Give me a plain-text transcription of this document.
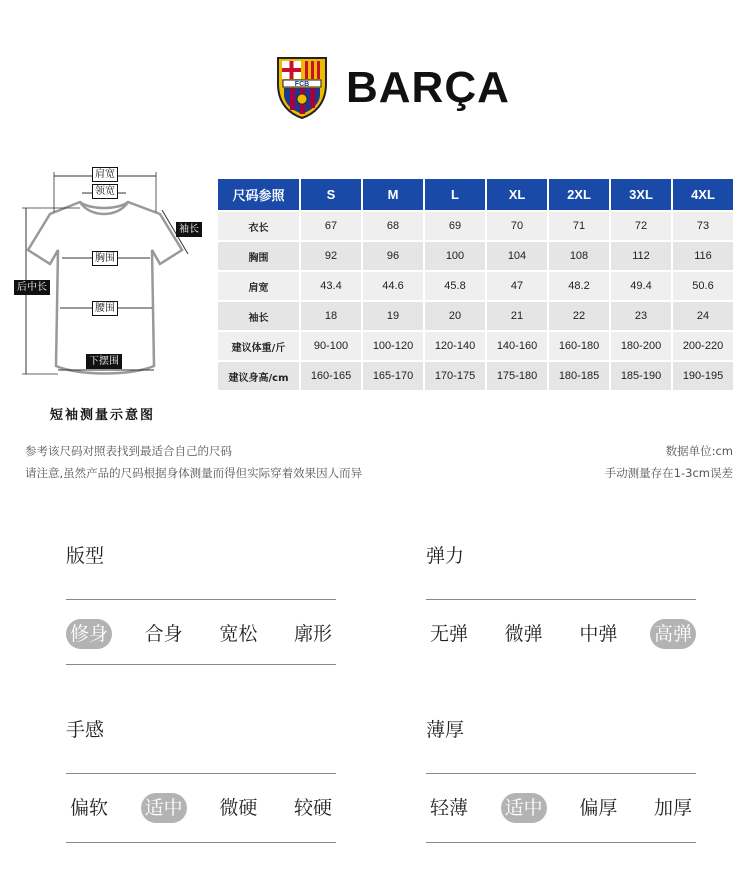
FCB BARÇA
肩宽
领宽
袖长
胸围
后中长
腰围
下摆围
短袖测量示意图
尺码参照	S	M	L	XL	2XL	3XL	4XL
衣长	67	68	69	70	71	72	73
胸围	92	96	100	104	108	112	116
肩宽	43.4	44.6	45.8	47	48.2	49.4	50.6
袖长	18	19	20	21	22	23	24
建议体重/斤	90-100	100-120	120-140	140-160	160-180	180-200	200-220
建议身高/cm	160-165	165-170	170-175	175-180	180-185	185-190	190-195
参考该尺码对照表找到最适合自己的尺码
请注意,虽然产品的尺码根据身体测量而得但实际穿着效果因人而异
数据单位:cm
手动测量存在1-3cm误差
版型
修身 合身 宽松 廓形
弹力
无弹 微弹 中弹 高弹
手感
偏软 适中 微硬 较硬
薄厚
轻薄 适中 偏厚 加厚
